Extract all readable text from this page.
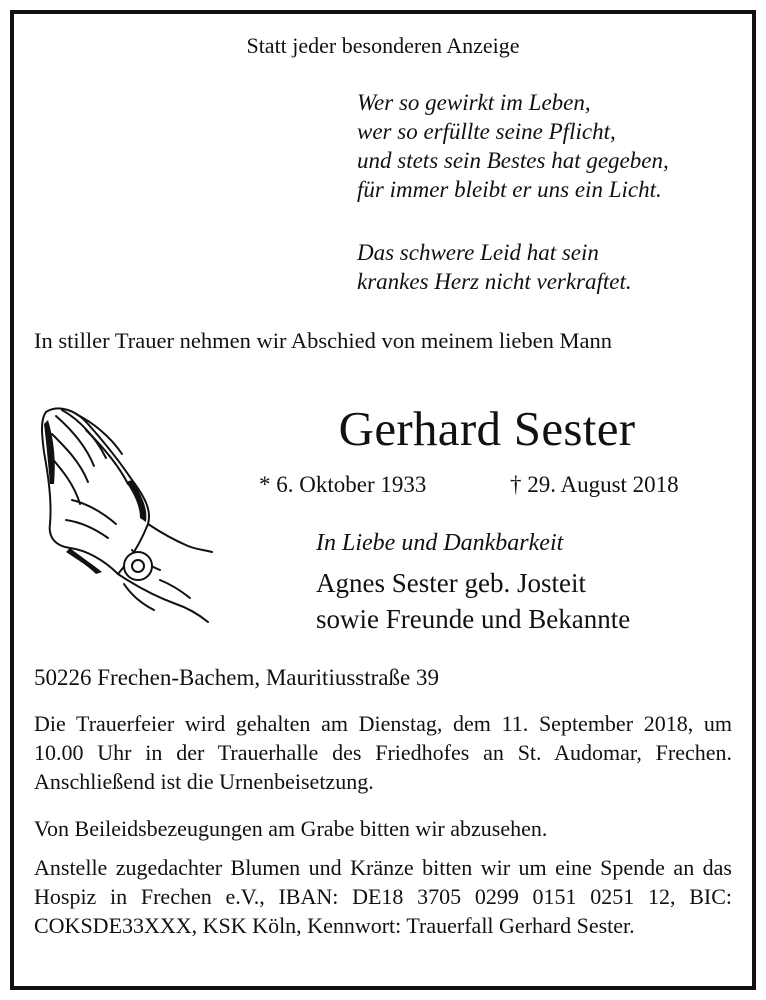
Statt jeder besonderen Anzeige
Wer so gewirkt im Leben,
wer so erfüllte seine Pflicht,
und stets sein Bestes hat gegeben,
für immer bleibt er uns ein Licht.
Das schwere Leid hat sein
krankes Herz nicht verkraftet.
In stiller Trauer nehmen wir Abschied von meinem lieben Mann
Gerhard Sester
* 6. Oktober 1933	† 29. August 2018
In Liebe und Dankbarkeit
Agnes Sester geb. Josteit
sowie Freunde und Bekannte
50226 Frechen-Bachem, Mauritiusstraße 39
Die Trauerfeier wird gehalten am Dienstag, dem 11. September 2018, um 10.00 Uhr in der Trauerhalle des Friedhofes an St. Audomar, Frechen. Anschließend ist die Urnenbeisetzung.
Von Beileidsbezeugungen am Grabe bitten wir abzusehen.
Anstelle zugedachter Blumen und Kränze bitten wir um eine Spende an das Hospiz in Frechen e.V., IBAN: DE18 3705 0299 0151 0251 12, BIC: COKSDE33XXX, KSK Köln, Kennwort: Trauerfall Gerhard Sester.
